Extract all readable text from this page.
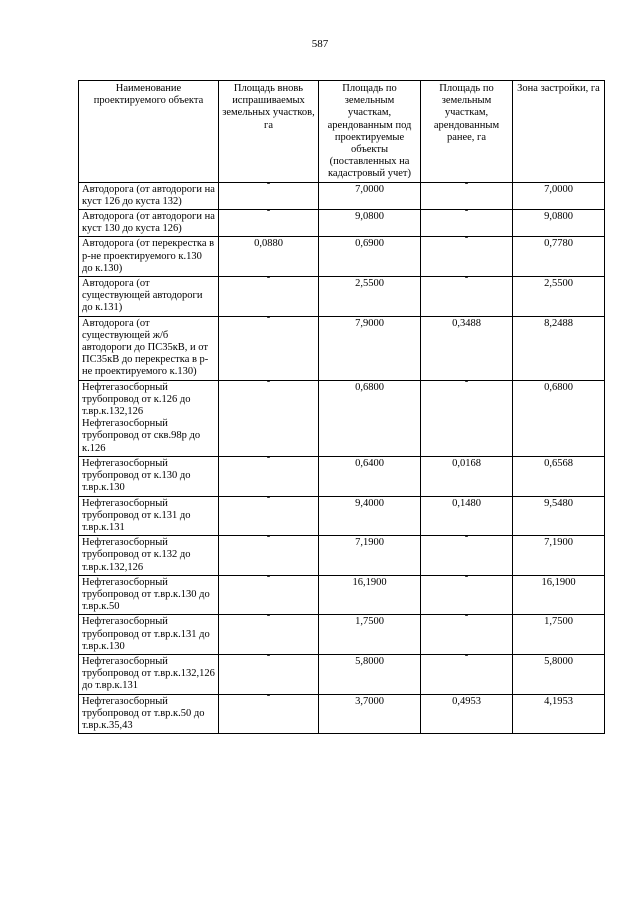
587
Наименование проектируемого объекта	Площадь вновь испрашиваемых земельных участков, га	Площадь по земельным участкам, арендованным под проектируемые объекты (поставленных на кадастровый учет)	Площадь по земельным участкам, арендованным ранее, га	Зона застройки, га
Автодорога (от автодороги на куст 126 до куста 132)	-	7,0000	-	7,0000
Автодорога (от автодороги на куст 130 до куста 126)	-	9,0800	-	9,0800
Автодорога (от перекрестка в р-не проектируемого к.130 до к.130)	0,0880	0,6900	-	0,7780
Автодорога (от существующей автодороги до к.131)	-	2,5500	-	2,5500
Автодорога (от существующей ж/б автодороги до ПС35кВ, и от ПС35кВ до перекрестка в р-не проектируемого к.130)	-	7,9000	0,3488	8,2488
Нефтегазосборный трубопровод от к.126 до т.вр.к.132,126 Нефтегазосборный трубопровод от скв.98р до к.126	-	0,6800	-	0,6800
Нефтегазосборный трубопровод от к.130 до т.вр.к.130	-	0,6400	0,0168	0,6568
Нефтегазосборный трубопровод от к.131 до т.вр.к.131	-	9,4000	0,1480	9,5480
Нефтегазосборный трубопровод от к.132 до т.вр.к.132,126	-	7,1900	-	7,1900
Нефтегазосборный трубопровод от т.вр.к.130 до т.вр.к.50	-	16,1900	-	16,1900
Нефтегазосборный трубопровод от т.вр.к.131 до т.вр.к.130	-	1,7500	-	1,7500
Нефтегазосборный трубопровод от т.вр.к.132,126 до т.вр.к.131	-	5,8000	-	5,8000
Нефтегазосборный трубопровод от т.вр.к.50 до т.вр.к.35,43	-	3,7000	0,4953	4,1953
